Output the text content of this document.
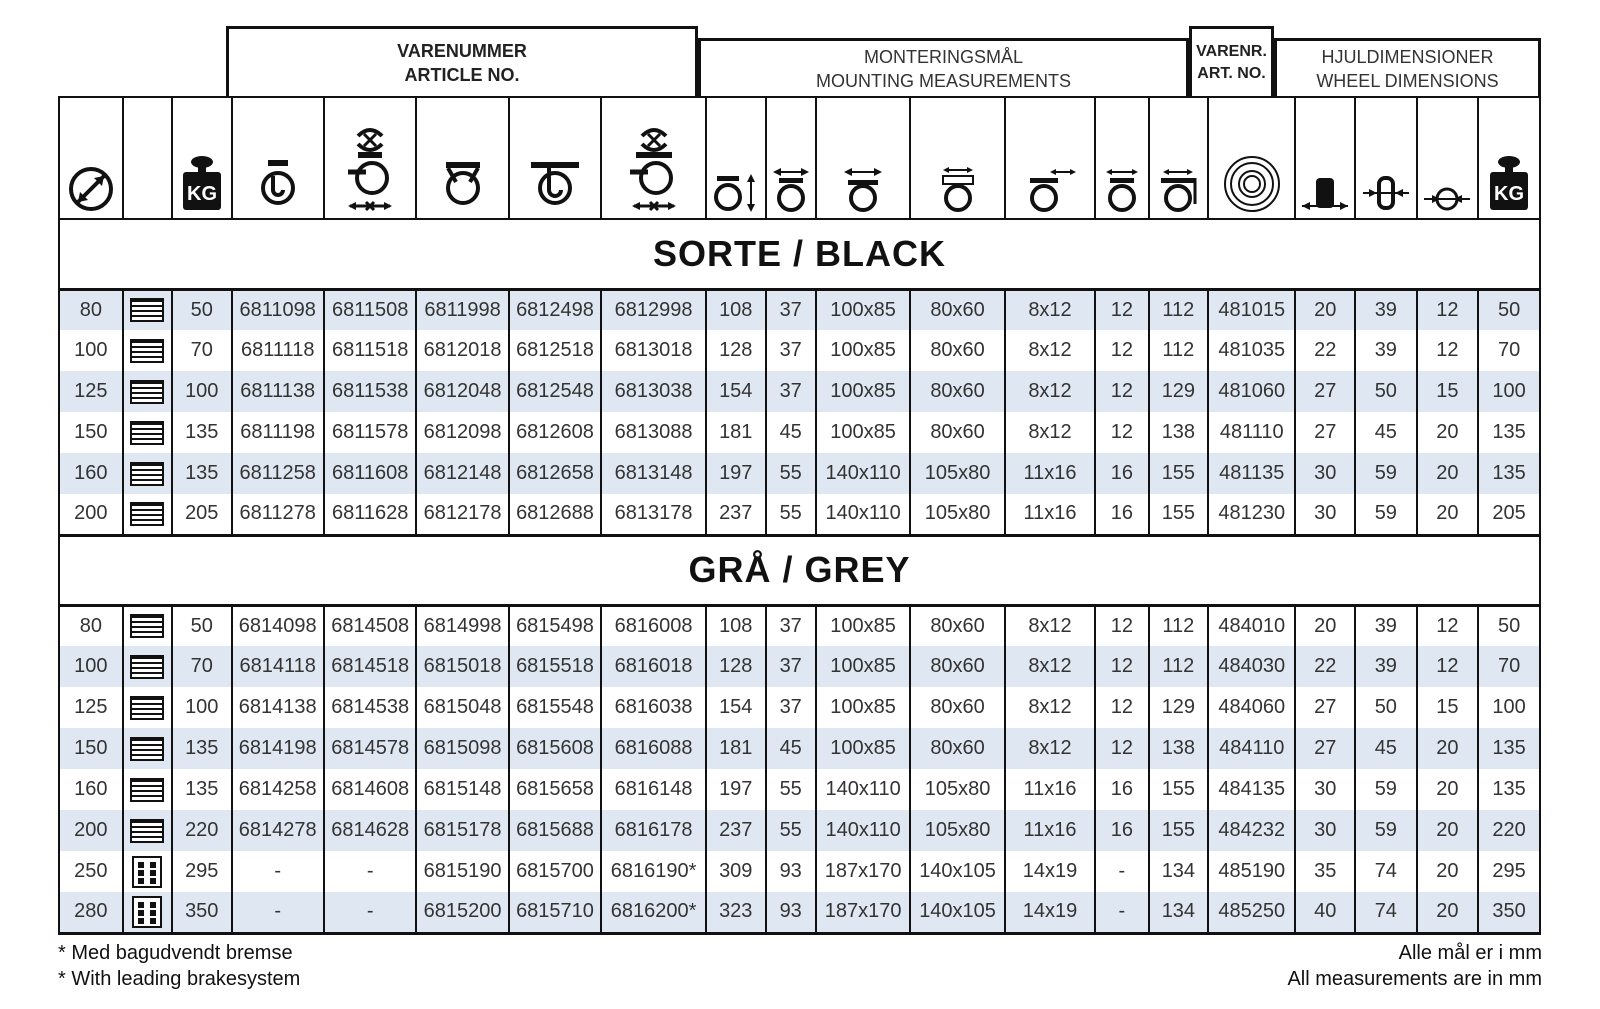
VARENUMMER
ARTICLE NO.
MONTERINGSMÅL
MOUNTING MEASUREMENTS
VARENR.
ART. NO.
HJULDIMENSIONER
WHEEL DIMENSIONS

KG																	KG

SORTE / BLACK																			
80		50	6811098	6811508	6811998	6812498	6812998	108	37	100x85	80x60	8x12	12	112	481015	20	39	12	50
100		70	6811118	6811518	6812018	6812518	6813018	128	37	100x85	80x60	8x12	12	112	481035	22	39	12	70
125		100	6811138	6811538	6812048	6812548	6813038	154	37	100x85	80x60	8x12	12	129	481060	27	50	15	100
150		135	6811198	6811578	6812098	6812608	6813088	181	45	100x85	80x60	8x12	12	138	481110	27	45	20	135
160		135	6811258	6811608	6812148	6812658	6813148	197	55	140x110	105x80	11x16	16	155	481135	30	59	20	135
200		205	6811278	6811628	6812178	6812688	6813178	237	55	140x110	105x80	11x16	16	155	481230	30	59	20	205
GRÅ / GREY																			
80		50	6814098	6814508	6814998	6815498	6816008	108	37	100x85	80x60	8x12	12	112	484010	20	39	12	50
100		70	6814118	6814518	6815018	6815518	6816018	128	37	100x85	80x60	8x12	12	112	484030	22	39	12	70
125		100	6814138	6814538	6815048	6815548	6816038	154	37	100x85	80x60	8x12	12	129	484060	27	50	15	100
150		135	6814198	6814578	6815098	6815608	6816088	181	45	100x85	80x60	8x12	12	138	484110	27	45	20	135
160		135	6814258	6814608	6815148	6815658	6816148	197	55	140x110	105x80	11x16	16	155	484135	30	59	20	135
200		220	6814278	6814628	6815178	6815688	6816178	237	55	140x110	105x80	11x16	16	155	484232	30	59	20	220
250		295	-	-	6815190	6815700	6816190*	309	93	187x170	140x105	14x19	-	134	485190	35	74	20	295
280		350	-	-	6815200	6815710	6816200*	323	93	187x170	140x105	14x19	-	134	485250	40	74	20	350
* Med bagudvendt bremse
* With leading brakesystem
Alle mål er i mm
All measurements are in mm
